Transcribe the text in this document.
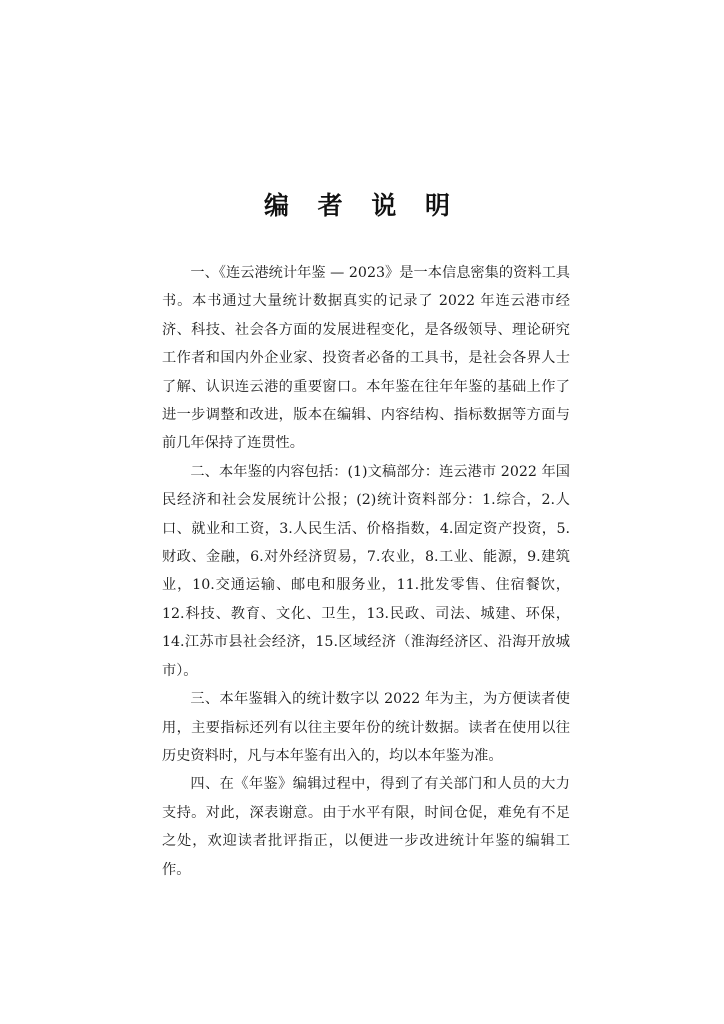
编 者 说 明

一、《连云港统计年鉴 — 2023》是一本信息密集的资料工具书。本书通过大量统计数据真实的记录了 2022 年连云港市经济、科技、社会各方面的发展进程变化，是各级领导、理论研究工作者和国内外企业家、投资者必备的工具书，是社会各界人士了解、认识连云港的重要窗口。本年鉴在往年年鉴的基础上作了进一步调整和改进，版本在编辑、内容结构、指标数据等方面与前几年保持了连贯性。

二、本年鉴的内容包括：(1)文稿部分：连云港市 2022 年国民经济和社会发展统计公报；(2)统计资料部分：1.综合，2.人口、就业和工资，3.人民生活、价格指数，4.固定资产投资，5.财政、金融，6.对外经济贸易，7.农业，8.工业、能源，9.建筑业，10.交通运输、邮电和服务业，11.批发零售、住宿餐饮，12.科技、教育、文化、卫生，13.民政、司法、城建、环保，14.江苏市县社会经济，15.区域经济（淮海经济区、沿海开放城市）。

三、本年鉴辑入的统计数字以 2022 年为主，为方便读者使用，主要指标还列有以往主要年份的统计数据。读者在使用以往历史资料时，凡与本年鉴有出入的，均以本年鉴为准。

四、在《年鉴》编辑过程中，得到了有关部门和人员的大力支持。对此，深表谢意。由于水平有限，时间仓促，难免有不足之处，欢迎读者批评指正，以便进一步改进统计年鉴的编辑工作。
